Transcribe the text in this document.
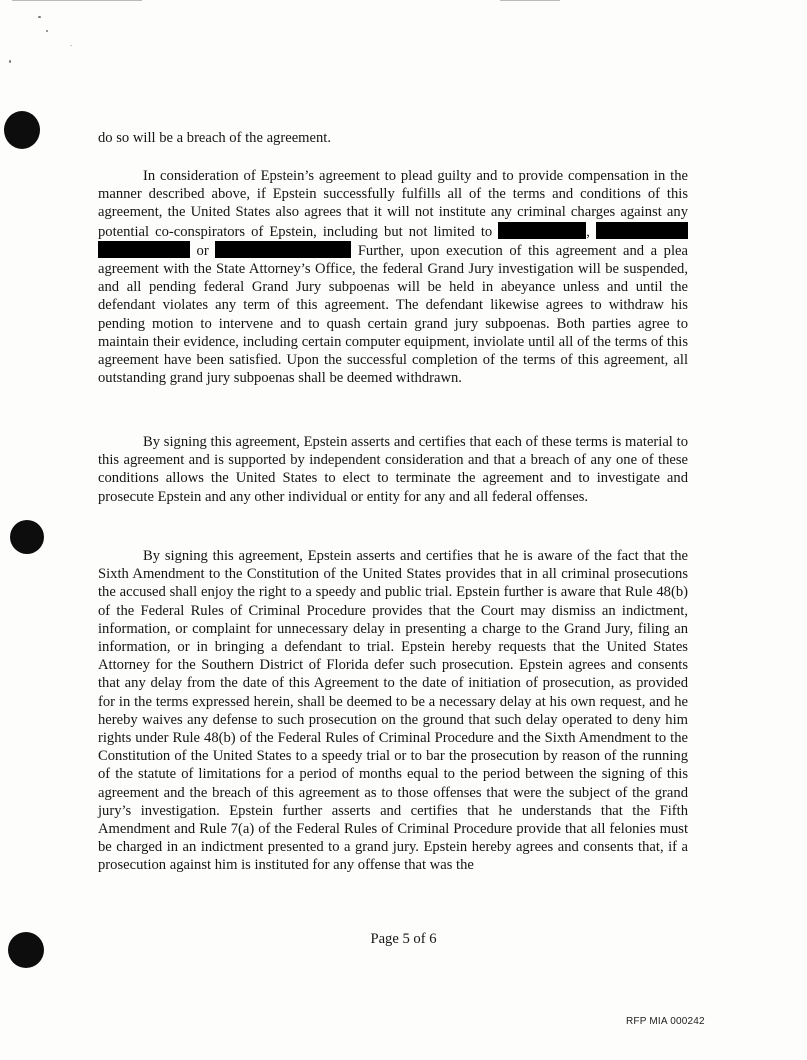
do so will be a breach of the agreement.

In consideration of Epstein’s agreement to plead guilty and to provide compensation in the manner described above, if Epstein successfully fulfills all of the terms and conditions of this agreement, the United States also agrees that it will not institute any criminal charges against any potential co-conspirators of Epstein, including but not limited to	,   or	Further, upon execution of this agreement and a plea agreement with the State Attorney’s Office, the federal Grand Jury investigation will be suspended, and all pending federal Grand Jury subpoenas will be held in abeyance unless and until the defendant violates any term of this agreement. The defendant likewise agrees to withdraw his pending motion to intervene and to quash certain grand jury subpoenas. Both parties agree to maintain their evidence, including certain computer equipment, inviolate until all of the terms of this agreement have been satisfied. Upon the successful completion of the terms of this agreement, all outstanding grand jury subpoenas shall be deemed withdrawn.

By signing this agreement, Epstein asserts and certifies that each of these terms is material to this agreement and is supported by independent consideration and that a breach of any one of these conditions allows the United States to elect to terminate the agreement and to investigate and prosecute Epstein and any other individual or entity for any and all federal offenses.

By signing this agreement, Epstein asserts and certifies that he is aware of the fact that the Sixth Amendment to the Constitution of the United States provides that in all criminal prosecutions the accused shall enjoy the right to a speedy and public trial. Epstein further is aware that Rule 48(b) of the Federal Rules of Criminal Procedure provides that the Court may dismiss an indictment, information, or complaint for unnecessary delay in presenting a charge to the Grand Jury, filing an information, or in bringing a defendant to trial. Epstein hereby requests that the United States Attorney for the Southern District of Florida defer such prosecution. Epstein agrees and consents that any delay from the date of this Agreement to the date of initiation of prosecution, as provided for in the terms expressed herein, shall be deemed to be a necessary delay at his own request, and he hereby waives any defense to such prosecution on the ground that such delay operated to deny him rights under Rule 48(b) of the Federal Rules of Criminal Procedure and the Sixth Amendment to the Constitution of the United States to a speedy trial or to bar the prosecution by reason of the running of the statute of limitations for a period of months equal to the period between the signing of this agreement and the breach of this agreement as to those offenses that were the subject of the grand jury’s investigation. Epstein further asserts and certifies that he understands that the Fifth Amendment and Rule 7(a) of the Federal Rules of Criminal Procedure provide that all felonies must be charged in an indictment presented to a grand jury. Epstein hereby agrees and consents that, if a prosecution against him is instituted for any offense that was the

Page 5 of 6
RFP MIA 000242
